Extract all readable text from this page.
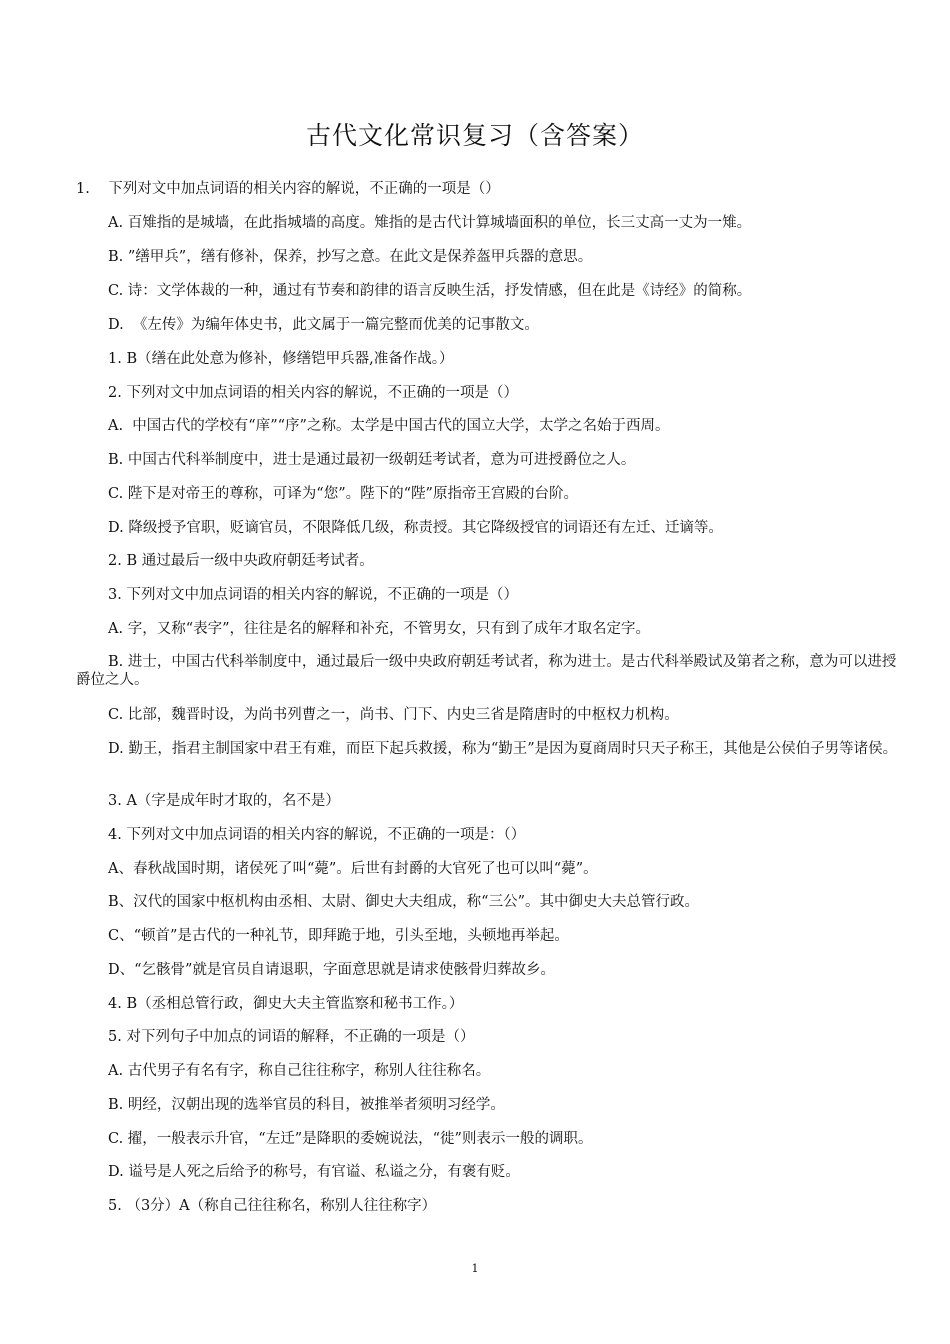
古代文化常识复习（含答案）
1.    下列对文中加点词语的相关内容的解说，不正确的一项是（）
A. 百雉指的是城墙，在此指城墙的高度。雉指的是古代计算城墙面积的单位，长三丈高一丈为一雉。
B. ”缮甲兵”，缮有修补，保养，抄写之意。在此文是保养盔甲兵器的意思。
C. 诗：文学体裁的一种，通过有节奏和韵律的语言反映生活，抒发情感，但在此是《诗经》的简称。
D.  《左传》为编年体史书，此文属于一篇完整而优美的记事散文。
1. B（缮在此处意为修补，修缮铠甲兵器,准备作战。）
2. 下列对文中加点词语的相关内容的解说，不正确的一项是（）
A.  中国古代的学校有“庠”“序”之称。太学是中国古代的国立大学，太学之名始于西周。
B. 中国古代科举制度中，进士是通过最初一级朝廷考试者，意为可进授爵位之人。
C. 陛下是对帝王的尊称，可译为“您”。陛下的“陛”原指帝王宫殿的台阶。
D. 降级授予官职，贬谪官员，不限降低几级，称责授。其它降级授官的词语还有左迁、迁谪等。
2. B 通过最后一级中央政府朝廷考试者。
3. 下列对文中加点词语的相关内容的解说，不正确的一项是（）
A. 字，又称“表字”，往往是名的解释和补充，不管男女，只有到了成年才取名定字。
B. 进士，中国古代科举制度中，通过最后一级中央政府朝廷考试者，称为进士。是古代科举殿试及第者之称，意为可以进授爵位之人。
C. 比部，魏晋时设，为尚书列曹之一，尚书、门下、内史三省是隋唐时的中枢权力机构。
D. 勤王，指君主制国家中君王有难，而臣下起兵救援，称为“勤王”是因为夏商周时只天子称王，其他是公侯伯子男等诸侯。
3. A（字是成年时才取的，名不是）
4. 下列对文中加点词语的相关内容的解说，不正确的一项是：（）
A、春秋战国时期，诸侯死了叫“薨”。后世有封爵的大官死了也可以叫“薨”。
B、汉代的国家中枢机构由丞相、太尉、御史大夫组成，称“三公”。其中御史大夫总管行政。
C、“顿首”是古代的一种礼节，即拜跪于地，引头至地，头顿地再举起。
D、“乞骸骨”就是官员自请退职，字面意思就是请求使骸骨归葬故乡。
4. B（丞相总管行政，御史大夫主管监察和秘书工作。）
5. 对下列句子中加点的词语的解释，不正确的一项是（）
A. 古代男子有名有字，称自己往往称字，称别人往往称名。
B. 明经，汉朝出现的选举官员的科目，被推举者须明习经学。
C. 擢，一般表示升官，“左迁”是降职的委婉说法，“徙”则表示一般的调职。
D. 谥号是人死之后给予的称号，有官谥、私谥之分，有褒有贬。
5. （3分）A（称自己往往称名，称别人往往称字）
1
